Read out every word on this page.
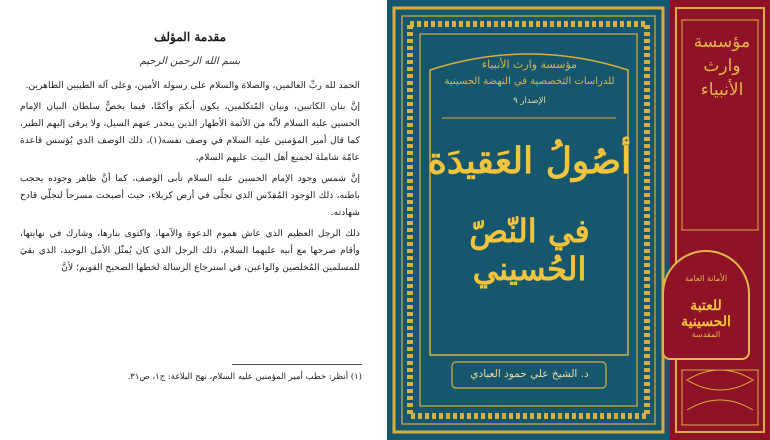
مقدمة المؤلف
بسم الله الرحمن الرحيم

الحمد لله ربِّ العالمين، والصلاة والسلام على رسوله الأمين، وعلى آله الطيبين الطاهرين.

إنَّ بنان الكاتبين، وبيان المُتكلمين، يكون أبكمَ وأكمَّا، فيما يخصُّ سلطان البيان الإمام الحسين عليه السلام لأنَّه من الأئمة الأطهار الذين ينحدر عنهم السيل، ولا يرقى إليهم الطير، كما قال أمير المؤمنين عليه السلام في وصف نفسه(١)، ذلك الوصف الذي يُؤسس قاعدة عامّة شاملة لجميع أهل البيت عليهم السلام.

إنَّ شمس وجود الإمام الحسين عليه السلام تأبى الوصف، كما أنَّ ظاهر وجوده يحجب باطنه، ذلك الوجود المُقدّس الذي تجلّى في أرض كربلاء، حيث أصبحت مسرحاً لتجلّي قادح شهادته.

ذلك الرجل العظيم الذي عاش هموم الدعوة والآمها، واكتوى بنارها، وشارك في نهايتها، وأقام صرحها مع أبيه عليهما السلام، ذلك الرجل الذي كان يُمثّل الأمل الوحيد، الذي بقيَ للمسلمين المُخلصين والواعين، في استرجاع الرسالة لخطها الصحيح القويم؛ لأنَّ

(١) أنظر: خطب أمير المؤمنين عليه السلام، نهج البلاغة: ج١، ص٣١.
مؤسسة وارث الأنبياء
للدراسات التخصصية في النهضة الحسينية
الإصدار ٩
أصُولُ العَقيدَة
في النّصّ الحُسيني
د. الشيخ علي حمود العبادي
مؤسسة وارث الأنبياء
الأمانة العامة
للعتبة الحسينية
المقدسة
